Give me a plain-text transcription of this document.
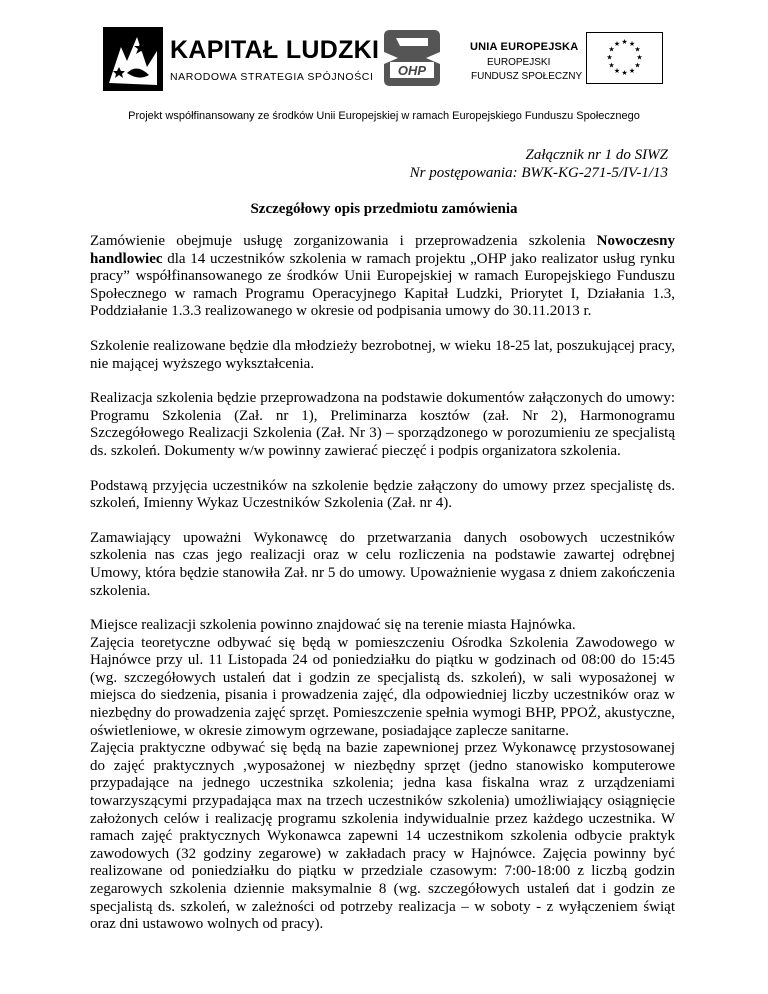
KAPITAŁ LUDZKI
NARODOWA STRATEGIA SPÓJNOŚCI OHP
UNIA EUROPEJSKA
EUROPEJSKI
FUNDUSZ SPOŁECZNY
★ ★
★
★
★
★
★
★
★
★
★
★
Projekt współfinansowany ze środków Unii Europejskiej w ramach Europejskiego Funduszu Społecznego
Załącznik nr 1 do SIWZ
Nr postępowania: BWK-KG-271-5/IV-1/13
Szczegółowy opis przedmiotu zamówienia

Zamówienie obejmuje usługę zorganizowania i przeprowadzenia szkolenia Nowoczesny handlowiec dla 14 uczestników szkolenia w ramach projektu „OHP jako realizator usług rynku pracy” współfinansowanego ze środków Unii Europejskiej w ramach Europejskiego Funduszu Społecznego w ramach Programu Operacyjnego Kapitał Ludzki, Priorytet I, Działania 1.3, Poddziałanie 1.3.3 realizowanego w okresie od podpisania umowy do 30.11.2013 r.

Szkolenie realizowane będzie dla młodzieży bezrobotnej, w wieku 18-25 lat, poszukującej pracy, nie mającej wyższego wykształcenia.

Realizacja szkolenia będzie przeprowadzona na podstawie dokumentów załączonych do umowy: Programu Szkolenia (Zał. nr 1), Preliminarza kosztów (zał. Nr 2), Harmonogramu Szczegółowego Realizacji Szkolenia (Zał. Nr 3) – sporządzonego w porozumieniu ze specjalistą ds. szkoleń. Dokumenty w/w powinny zawierać pieczęć i podpis organizatora szkolenia.

Podstawą przyjęcia uczestników na szkolenie będzie załączony do umowy przez specjalistę ds. szkoleń, Imienny Wykaz Uczestników Szkolenia (Zał. nr 4).

Zamawiający upoważni Wykonawcę do przetwarzania danych osobowych uczestników szkolenia nas czas jego realizacji oraz w celu rozliczenia na podstawie zawartej odrębnej Umowy, która będzie stanowiła Zał. nr 5 do umowy. Upoważnienie wygasa z dniem zakończenia szkolenia.

Miejsce realizacji szkolenia powinno znajdować się na terenie miasta Hajnówka.

Zajęcia teoretyczne odbywać się będą w pomieszczeniu Ośrodka Szkolenia Zawodowego w Hajnówce przy ul. 11 Listopada 24 od poniedziałku do piątku w godzinach od 08:00 do 15:45 (wg. szczegółowych ustaleń dat i godzin ze specjalistą ds. szkoleń), w sali wyposażonej w miejsca do siedzenia, pisania i prowadzenia zajęć, dla odpowiedniej liczby uczestników oraz w niezbędny do prowadzenia zajęć sprzęt. Pomieszczenie spełnia wymogi BHP, PPOŻ, akustyczne, oświetleniowe, w okresie zimowym ogrzewane, posiadające zaplecze sanitarne.

Zajęcia praktyczne odbywać się będą na bazie zapewnionej przez Wykonawcę przystosowanej do zajęć praktycznych ,wyposażonej w niezbędny sprzęt (jedno stanowisko komputerowe przypadające na jednego uczestnika szkolenia; jedna kasa fiskalna wraz z urządzeniami towarzyszącymi przypadająca max na trzech uczestników szkolenia) umożliwiający osiągnięcie założonych celów i realizację programu szkolenia indywidualnie przez każdego uczestnika. W ramach zajęć praktycznych Wykonawca zapewni 14 uczestnikom szkolenia odbycie praktyk zawodowych (32 godziny zegarowe) w zakładach pracy w Hajnówce. Zajęcia powinny być realizowane od poniedziałku do piątku w przedziale czasowym: 7:00-18:00 z liczbą godzin zegarowych szkolenia dziennie maksymalnie 8 (wg. szczegółowych ustaleń dat i godzin ze specjalistą ds. szkoleń, w zależności od potrzeby realizacja – w soboty - z wyłączeniem świąt oraz dni ustawowo wolnych od pracy).
